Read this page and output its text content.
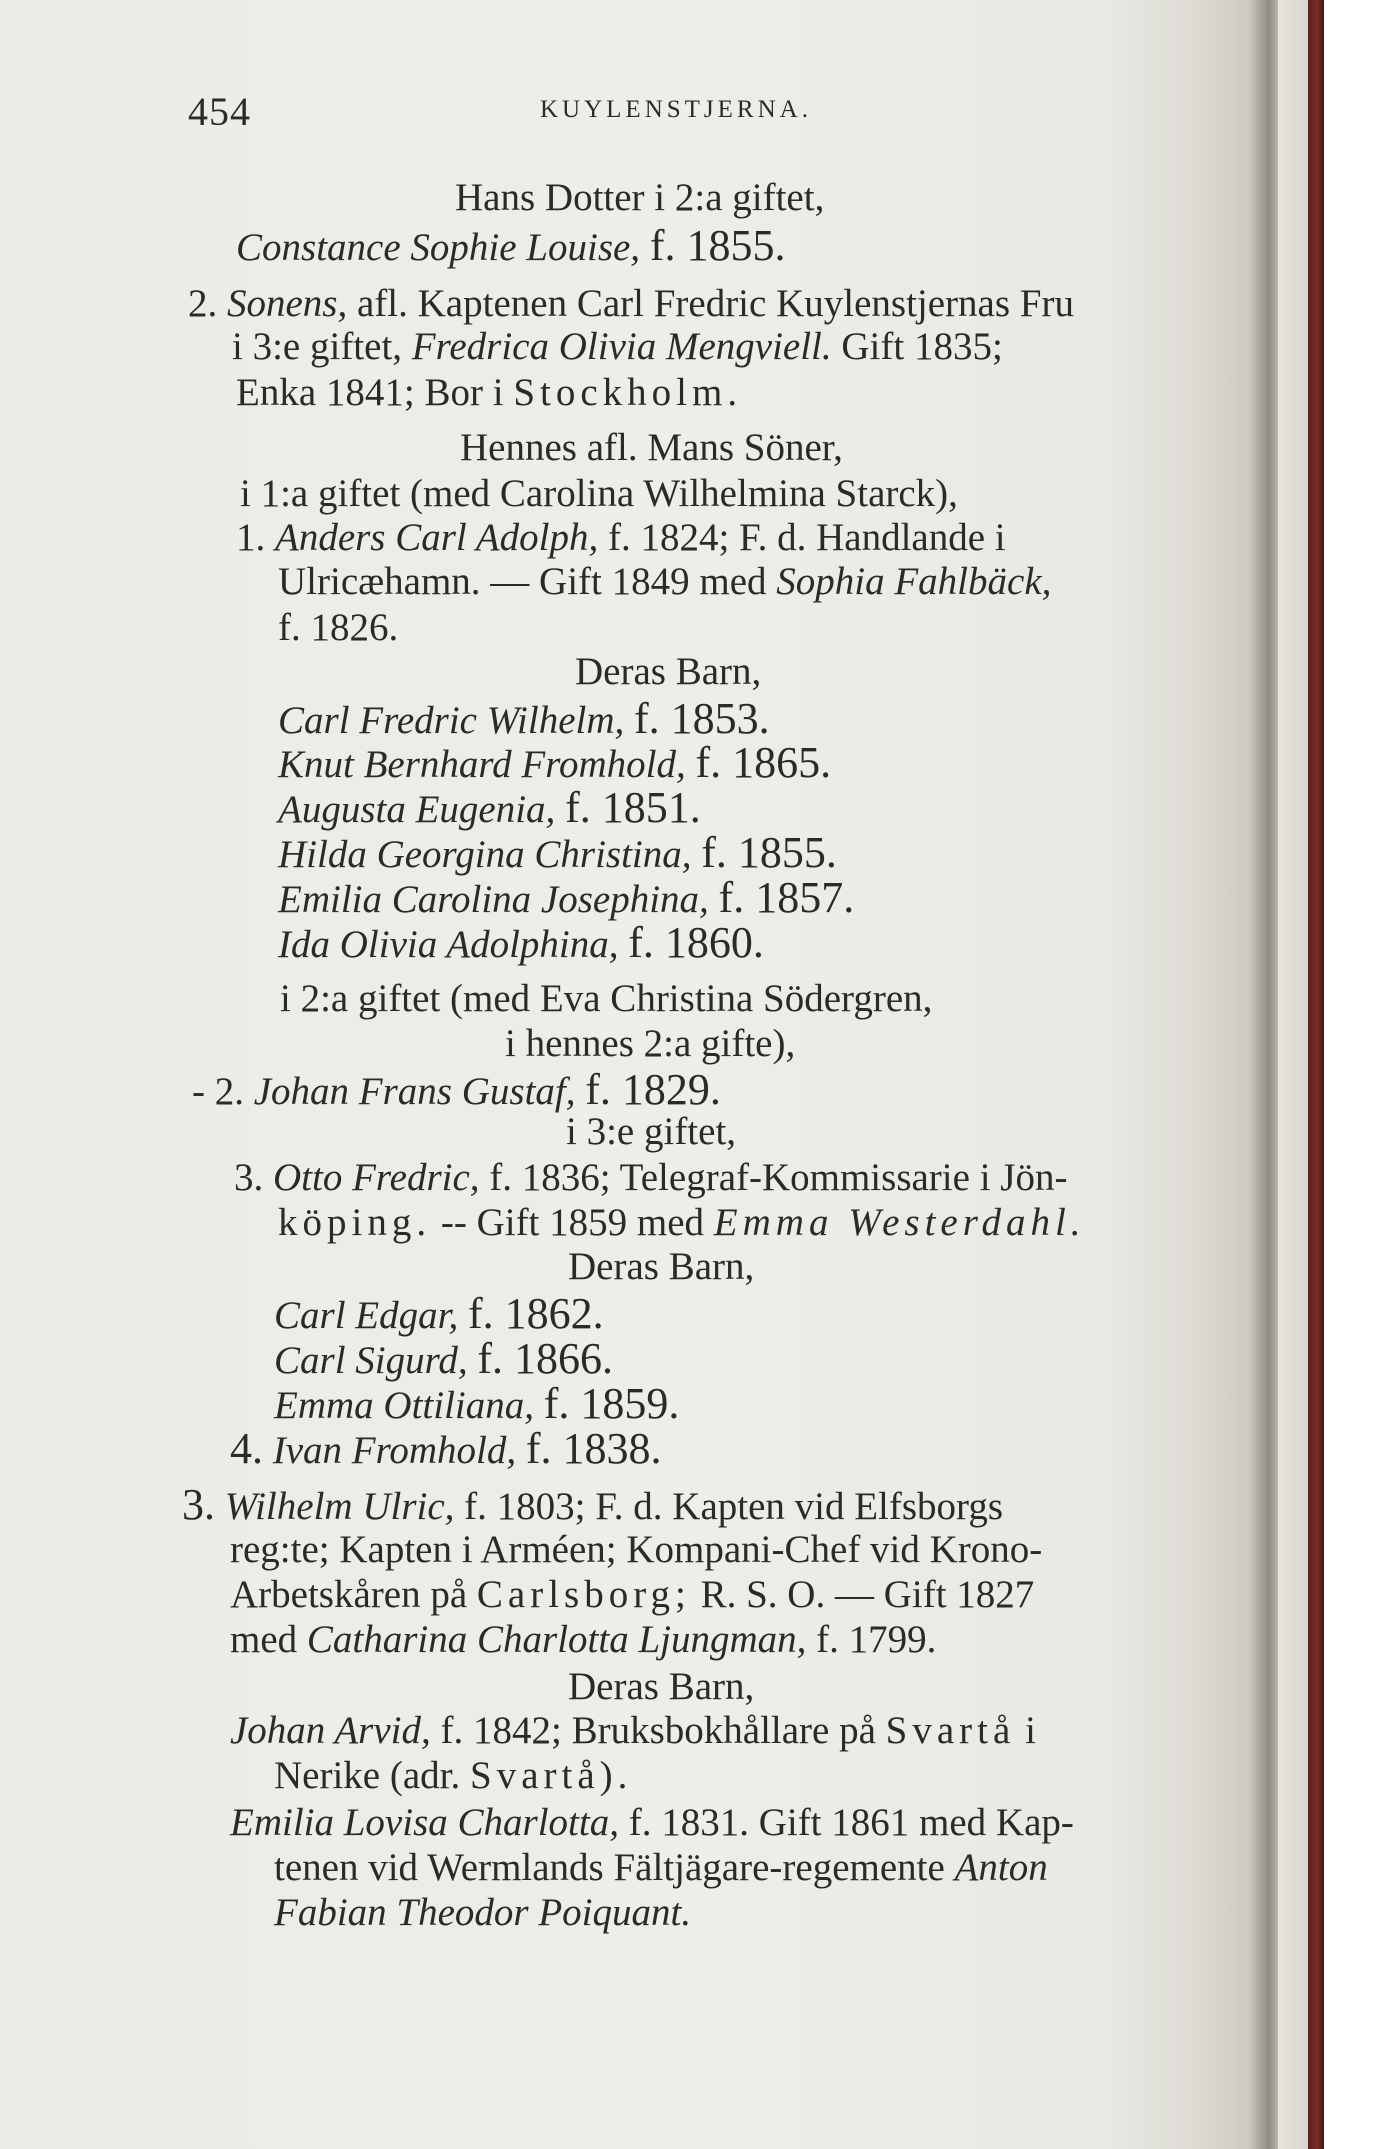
454	KUYLENSTJERNA.
Hans Dotter i 2:a giftet,
Constance Sophie Louise, f. 1855.
2. Sonens, afl. Kaptenen Carl Fredric Kuylenstjernas Fru
i 3:e giftet, Fredrica Olivia Mengviell. Gift 1835;
Enka 1841; Bor i Stockholm.
Hennes afl. Mans Söner,
i 1:a giftet (med Carolina Wilhelmina Starck),
1. Anders Carl Adolph, f. 1824; F. d. Handlande i
Ulricæhamn. — Gift 1849 med Sophia Fahlbäck,
f. 1826.
Deras Barn,
Carl Fredric Wilhelm, f. 1853.
Knut Bernhard Fromhold, f. 1865.
Augusta Eugenia, f. 1851.
Hilda Georgina Christina, f. 1855.
Emilia Carolina Josephina, f. 1857.
Ida Olivia Adolphina, f. 1860.
i 2:a giftet (med Eva Christina Södergren,
i hennes 2:a gifte),
- 2. Johan Frans Gustaf, f. 1829.
i 3:e giftet,
3. Otto Fredric, f. 1836; Telegraf-Kommissarie i Jön-
köping. -- Gift 1859 med Emma Westerdahl.
Deras Barn,
Carl Edgar, f. 1862.
Carl Sigurd, f. 1866.
Emma Ottiliana, f. 1859.
4. Ivan Fromhold, f. 1838.
3. Wilhelm Ulric, f. 1803; F. d. Kapten vid Elfsborgs
reg:te; Kapten i Arméen; Kompani-Chef vid Krono-
Arbetskåren på Carlsborg; R. S. O. — Gift 1827
med Catharina Charlotta Ljungman, f. 1799.
Deras Barn,
Johan Arvid, f. 1842; Bruksbokhållare på Svartå i
Nerike (adr. Svartå).
Emilia Lovisa Charlotta, f. 1831. Gift 1861 med Kap-
tenen vid Wermlands Fältjägare-regemente Anton
Fabian Theodor Poiquant.
